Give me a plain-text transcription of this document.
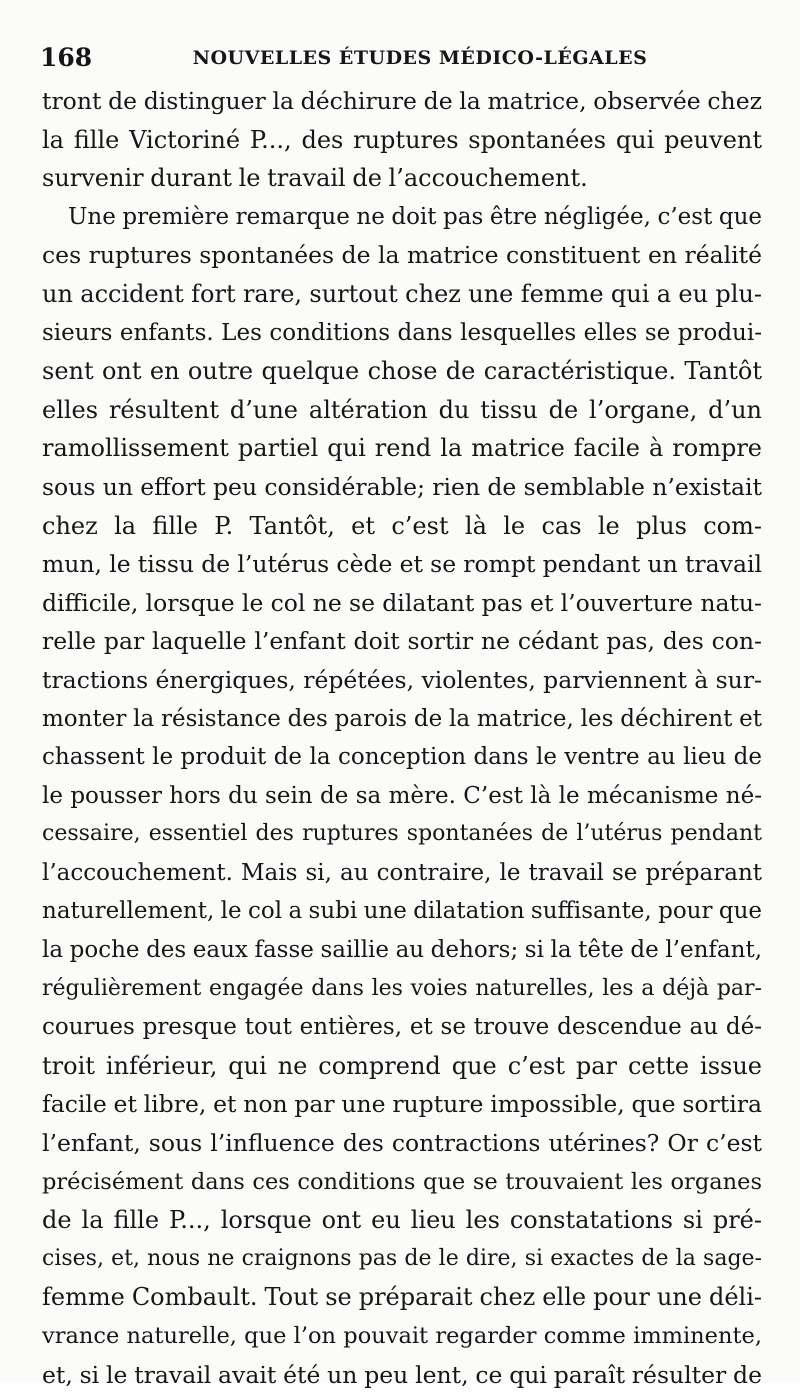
168	NOUVELLES ÉTUDES MÉDICO-LÉGALES
tront de distinguer la déchirure de la matrice, observée chez
la fille Victoriné P..., des ruptures spontanées qui peuvent
survenir durant le travail de l’accouchement.
Une première remarque ne doit pas être négligée, c’est que
ces ruptures spontanées de la matrice constituent en réalité
un accident fort rare, surtout chez une femme qui a eu plu-
sieurs enfants. Les conditions dans lesquelles elles se produi-
sent ont en outre quelque chose de caractéristique. Tantôt
elles résultent d’une altération du tissu de l’organe, d’un
ramollissement partiel qui rend la matrice facile à rompre
sous un effort peu considérable; rien de semblable n’existait
chez la fille P. Tantôt, et c’est là le cas le plus com-
mun, le tissu de l’utérus cède et se rompt pendant un travail
difficile, lorsque le col ne se dilatant pas et l’ouverture natu-
relle par laquelle l’enfant doit sortir ne cédant pas, des con-
tractions énergiques, répétées, violentes, parviennent à sur-
monter la résistance des parois de la matrice, les déchirent et
chassent le produit de la conception dans le ventre au lieu de
le pousser hors du sein de sa mère. C’est là le mécanisme né-
cessaire, essentiel des ruptures spontanées de l’utérus pendant
l’accouchement. Mais si, au contraire, le travail se préparant
naturellement, le col a subi une dilatation suffisante, pour que
la poche des eaux fasse saillie au dehors; si la tête de l’enfant,
régulièrement engagée dans les voies naturelles, les a déjà par-
courues presque tout entières, et se trouve descendue au dé-
troit inférieur, qui ne comprend que c’est par cette issue
facile et libre, et non par une rupture impossible, que sortira
l’enfant, sous l’influence des contractions utérines? Or c’est
précisément dans ces conditions que se trouvaient les organes
de la fille P..., lorsque ont eu lieu les constatations si pré-
cises, et, nous ne craignons pas de le dire, si exactes de la sage-
femme Combault. Tout se préparait chez elle pour une déli-
vrance naturelle, que l’on pouvait regarder comme imminente,
et, si le travail avait été un peu lent, ce qui paraît résulter de
